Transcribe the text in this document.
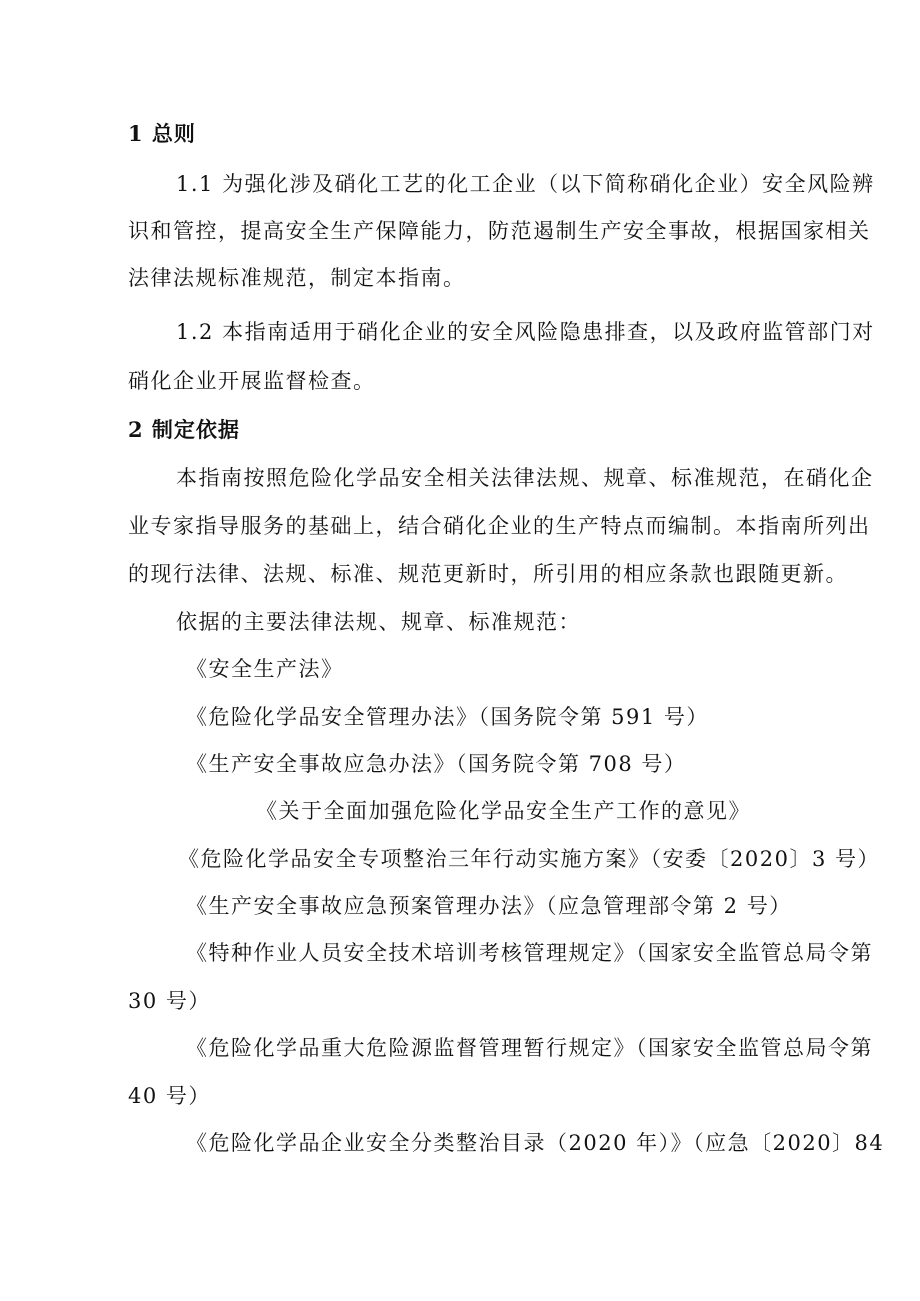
1 总则
1.1 为强化涉及硝化工艺的化工企业（以下简称硝化企业）安全风险辨
识和管控，提高安全生产保障能力，防范遏制生产安全事故，根据国家相关
法律法规标准规范，制定本指南。
1.2 本指南适用于硝化企业的安全风险隐患排查，以及政府监管部门对
硝化企业开展监督检查。
2 制定依据
本指南按照危险化学品安全相关法律法规、规章、标准规范，在硝化企
业专家指导服务的基础上，结合硝化企业的生产特点而编制。本指南所列出
的现行法律、法规、标准、规范更新时，所引用的相应条款也跟随更新。
依据的主要法律法规、规章、标准规范：
《安全生产法》
《危险化学品安全管理办法》（国务院令第 591 号）
《生产安全事故应急办法》（国务院令第 708 号）
《关于全面加强危险化学品安全生产工作的意见》
《危险化学品安全专项整治三年行动实施方案》（安委〔2020〕3 号）
《生产安全事故应急预案管理办法》（应急管理部令第 2 号）
《特种作业人员安全技术培训考核管理规定》（国家安全监管总局令第
30 号）
《危险化学品重大危险源监督管理暂行规定》（国家安全监管总局令第
40 号）
《危险化学品企业安全分类整治目录（2020 年）》（应急〔2020〕84
